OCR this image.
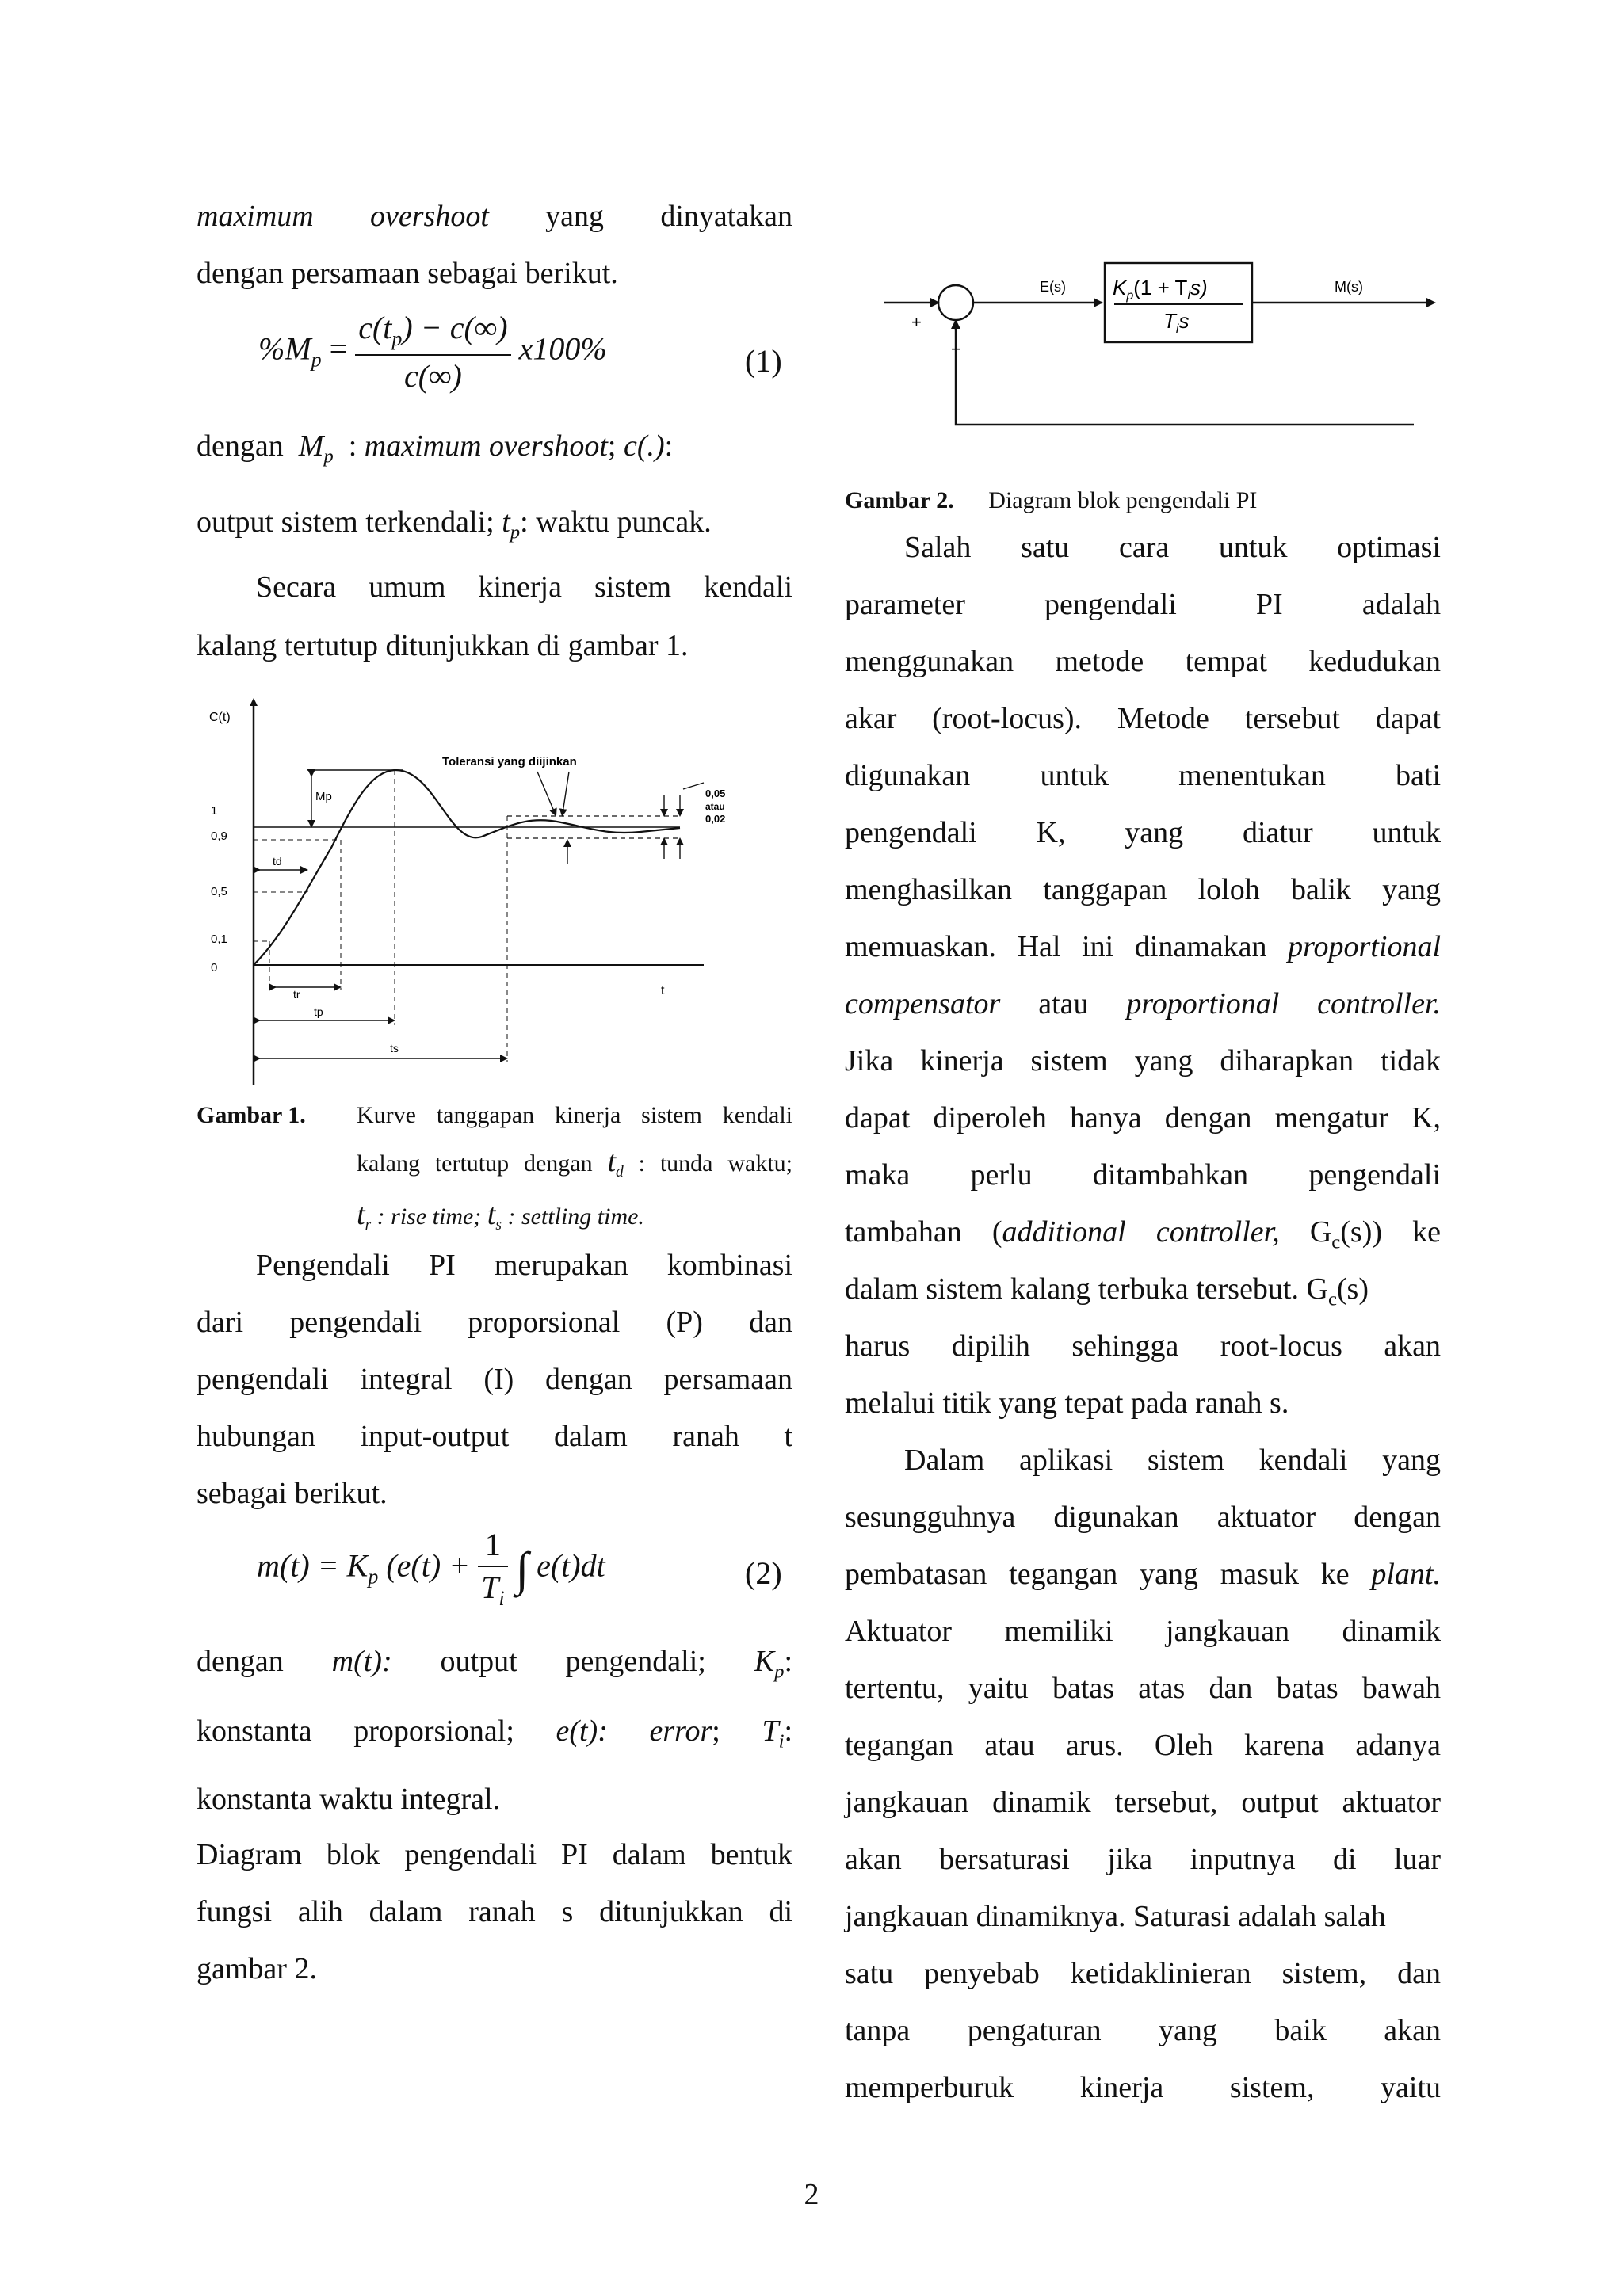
maximum overshoot yang dinyatakan
dengan persamaan sebagai berikut.
$\%M_p = \frac{c(t_p) - c(\infty)}{c(\infty)} x100\%$	(1)
dengan $M_p$ : maximum overshoot; c(.):
output sistem terkendali; $t_p$: waktu puncak.
Secara umum kinerja sistem kendali
kalang tertutup ditunjukkan di gambar 1.
C(t)
t
1
0,9
0,5
0,1
0
Mp
td
tr
tp
ts
Toleransi yang diijinkan
0,05
atau
0,02
Gambar 1. Kurve tanggapan kinerja sistem kendali
kalang tertutup dengan $t_d$ : tunda waktu;
$t_r$ : rise time; $t_s$ : settling time.
Pengendali PI merupakan kombinasi
dari pengendali proporsional (P) dan
pengendali integral (I) dengan persamaan
hubungan input-output dalam ranah t
sebagai berikut.
$m(t) = K_p$ ($e(t) + \frac{1}{T_i}$ ∫ e(t)dt	(2)
dengan m(t): output pengendali; $K_p$:
konstanta proporsional; e(t): error; $T_i$:
konstanta waktu integral.
Diagram blok pengendali PI dalam bentuk
fungsi alih dalam ranah s ditunjukkan di
gambar 2.
+
−
E(s) $K_p(1 + T_is)$
$T_is$
M(s)
Gambar 2. Diagram blok pengendali PI
Salah satu cara untuk optimasi
parameter	pengendali	PI	adalah
menggunakan metode tempat kedudukan
akar (root-locus). Metode tersebut dapat
digunakan untuk menentukan bati
pengendali K, yang diatur untuk
menghasilkan tanggapan loloh balik yang
memuaskan. Hal ini dinamakan proportional
compensator atau proportional controller.
Jika kinerja sistem yang diharapkan tidak
dapat diperoleh hanya dengan mengatur K,
maka perlu ditambahkan pengendali
tambahan (additional controller, $G_c(s)$) ke
dalam sistem kalang terbuka tersebut. $G_c(s)$
harus dipilih sehingga root-locus akan
melalui titik yang tepat pada ranah s.
Dalam aplikasi sistem kendali yang
sesungguhnya digunakan aktuator dengan
pembatasan tegangan yang masuk ke plant.
Aktuator memiliki jangkauan dinamik
tertentu, yaitu batas atas dan batas bawah
tegangan atau arus. Oleh karena adanya
jangkauan dinamik tersebut, output aktuator
akan bersaturasi jika inputnya di luar
jangkauan dinamiknya. Saturasi adalah salah
satu penyebab ketidaklinieran sistem, dan
tanpa pengaturan yang baik akan
memperburuk kinerja sistem, yaitu
2
